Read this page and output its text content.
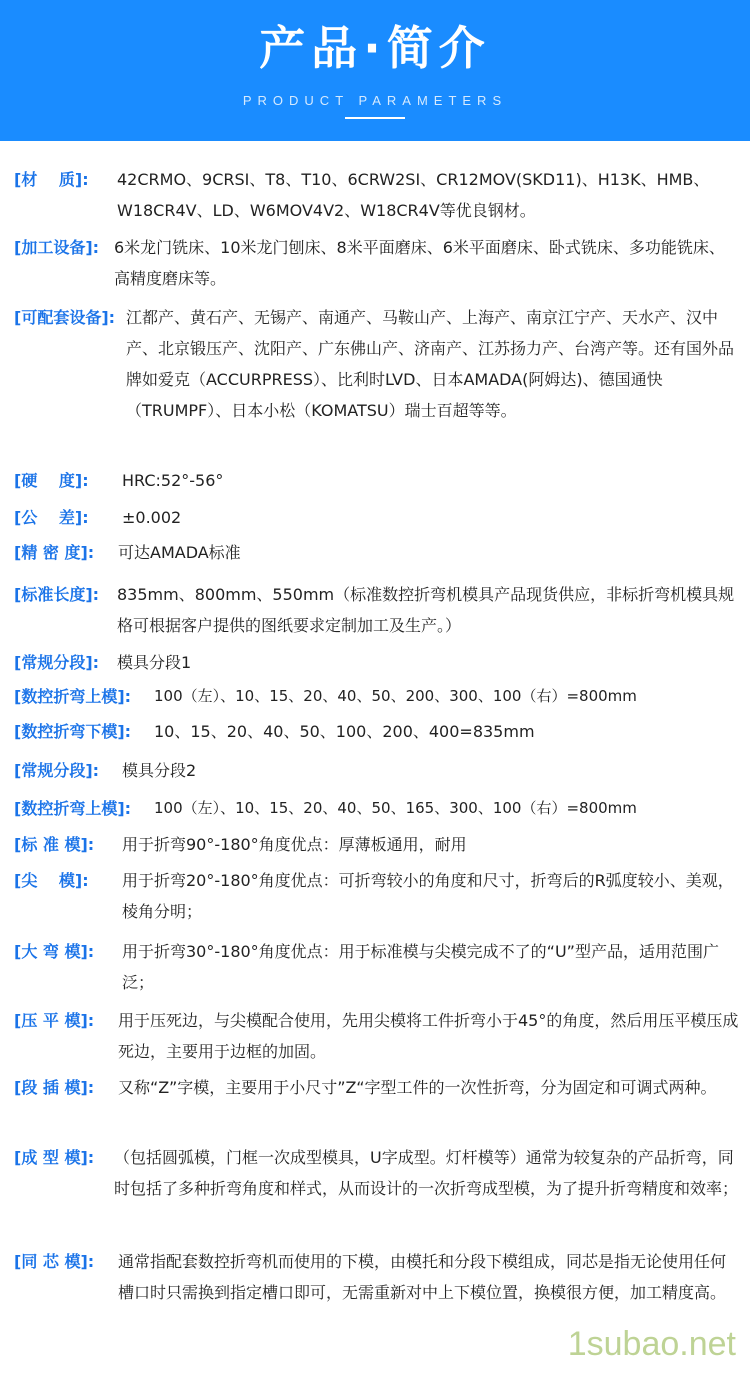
产品·简介
PRODUCT PARAMETERS
[材　 质]: 42CRMO、9CRSI、T8、T10、6CRW2SI、CR12MOV(SKD11)、H13K、HMB、W18CR4V、LD、W6MOV4V2、W18CR4V等优良钢材。
[加工设备]: 6米龙门铣床、10米龙门刨床、8米平面磨床、6米平面磨床、卧式铣床、多功能铣床、高精度磨床等。
[可配套设备]: 江都产、黄石产、无锡产、南通产、马鞍山产、上海产、南京江宁产、天水产、汉中产、北京锻压产、沈阳产、广东佛山产、济南产、江苏扬力产、台湾产等。还有国外品牌如爱克（ACCURPRESS）、比利时LVD、日本AMADA(阿姆达)、德国通快（TRUMPF）、日本小松（KOMATSU）瑞士百超等等。
[硬　 度]: HRC:52°-56°
[公　 差]: ±0.002
[精 密 度]: 可达AMADA标准
[标准长度]: 835mm、800mm、550mm（标准数控折弯机模具产品现货供应，非标折弯机模具规格可根据客户提供的图纸要求定制加工及生产。）
[常规分段]: 模具分段1
[数控折弯上模]: 100（左）、10、15、20、40、50、200、300、100（右）=800mm
[数控折弯下模]: 10、15、20、40、50、100、200、400=835mm
[常规分段]: 模具分段2
[数控折弯上模]: 100（左）、10、15、20、40、50、165、300、100（右）=800mm
[标 准 模]: 用于折弯90°-180°角度优点：厚薄板通用，耐用
[尖　 模]: 用于折弯20°-180°角度优点：可折弯较小的角度和尺寸，折弯后的R弧度较小、美观，棱角分明；
[大 弯 模]: 用于折弯30°-180°角度优点：用于标准模与尖模完成不了的“U”型产品，适用范围广泛；
[压 平 模]: 用于压死边，与尖模配合使用，先用尖模将工件折弯小于45°的角度，然后用压平模压成死边，主要用于边框的加固。
[段 插 模]: 又称“Z”字模，主要用于小尺寸”Z“字型工件的一次性折弯，分为固定和可调式两种。
[成 型 模]: （包括圆弧模，门框一次成型模具，U字成型。灯杆模等）通常为较复杂的产品折弯，同时包括了多种折弯角度和样式，从而设计的一次折弯成型模，为了提升折弯精度和效率；
[同 芯 模]: 通常指配套数控折弯机而使用的下模，由模托和分段下模组成，同芯是指无论使用任何槽口时只需换到指定槽口即可，无需重新对中上下模位置，换模很方便，加工精度高。
1subao.net
